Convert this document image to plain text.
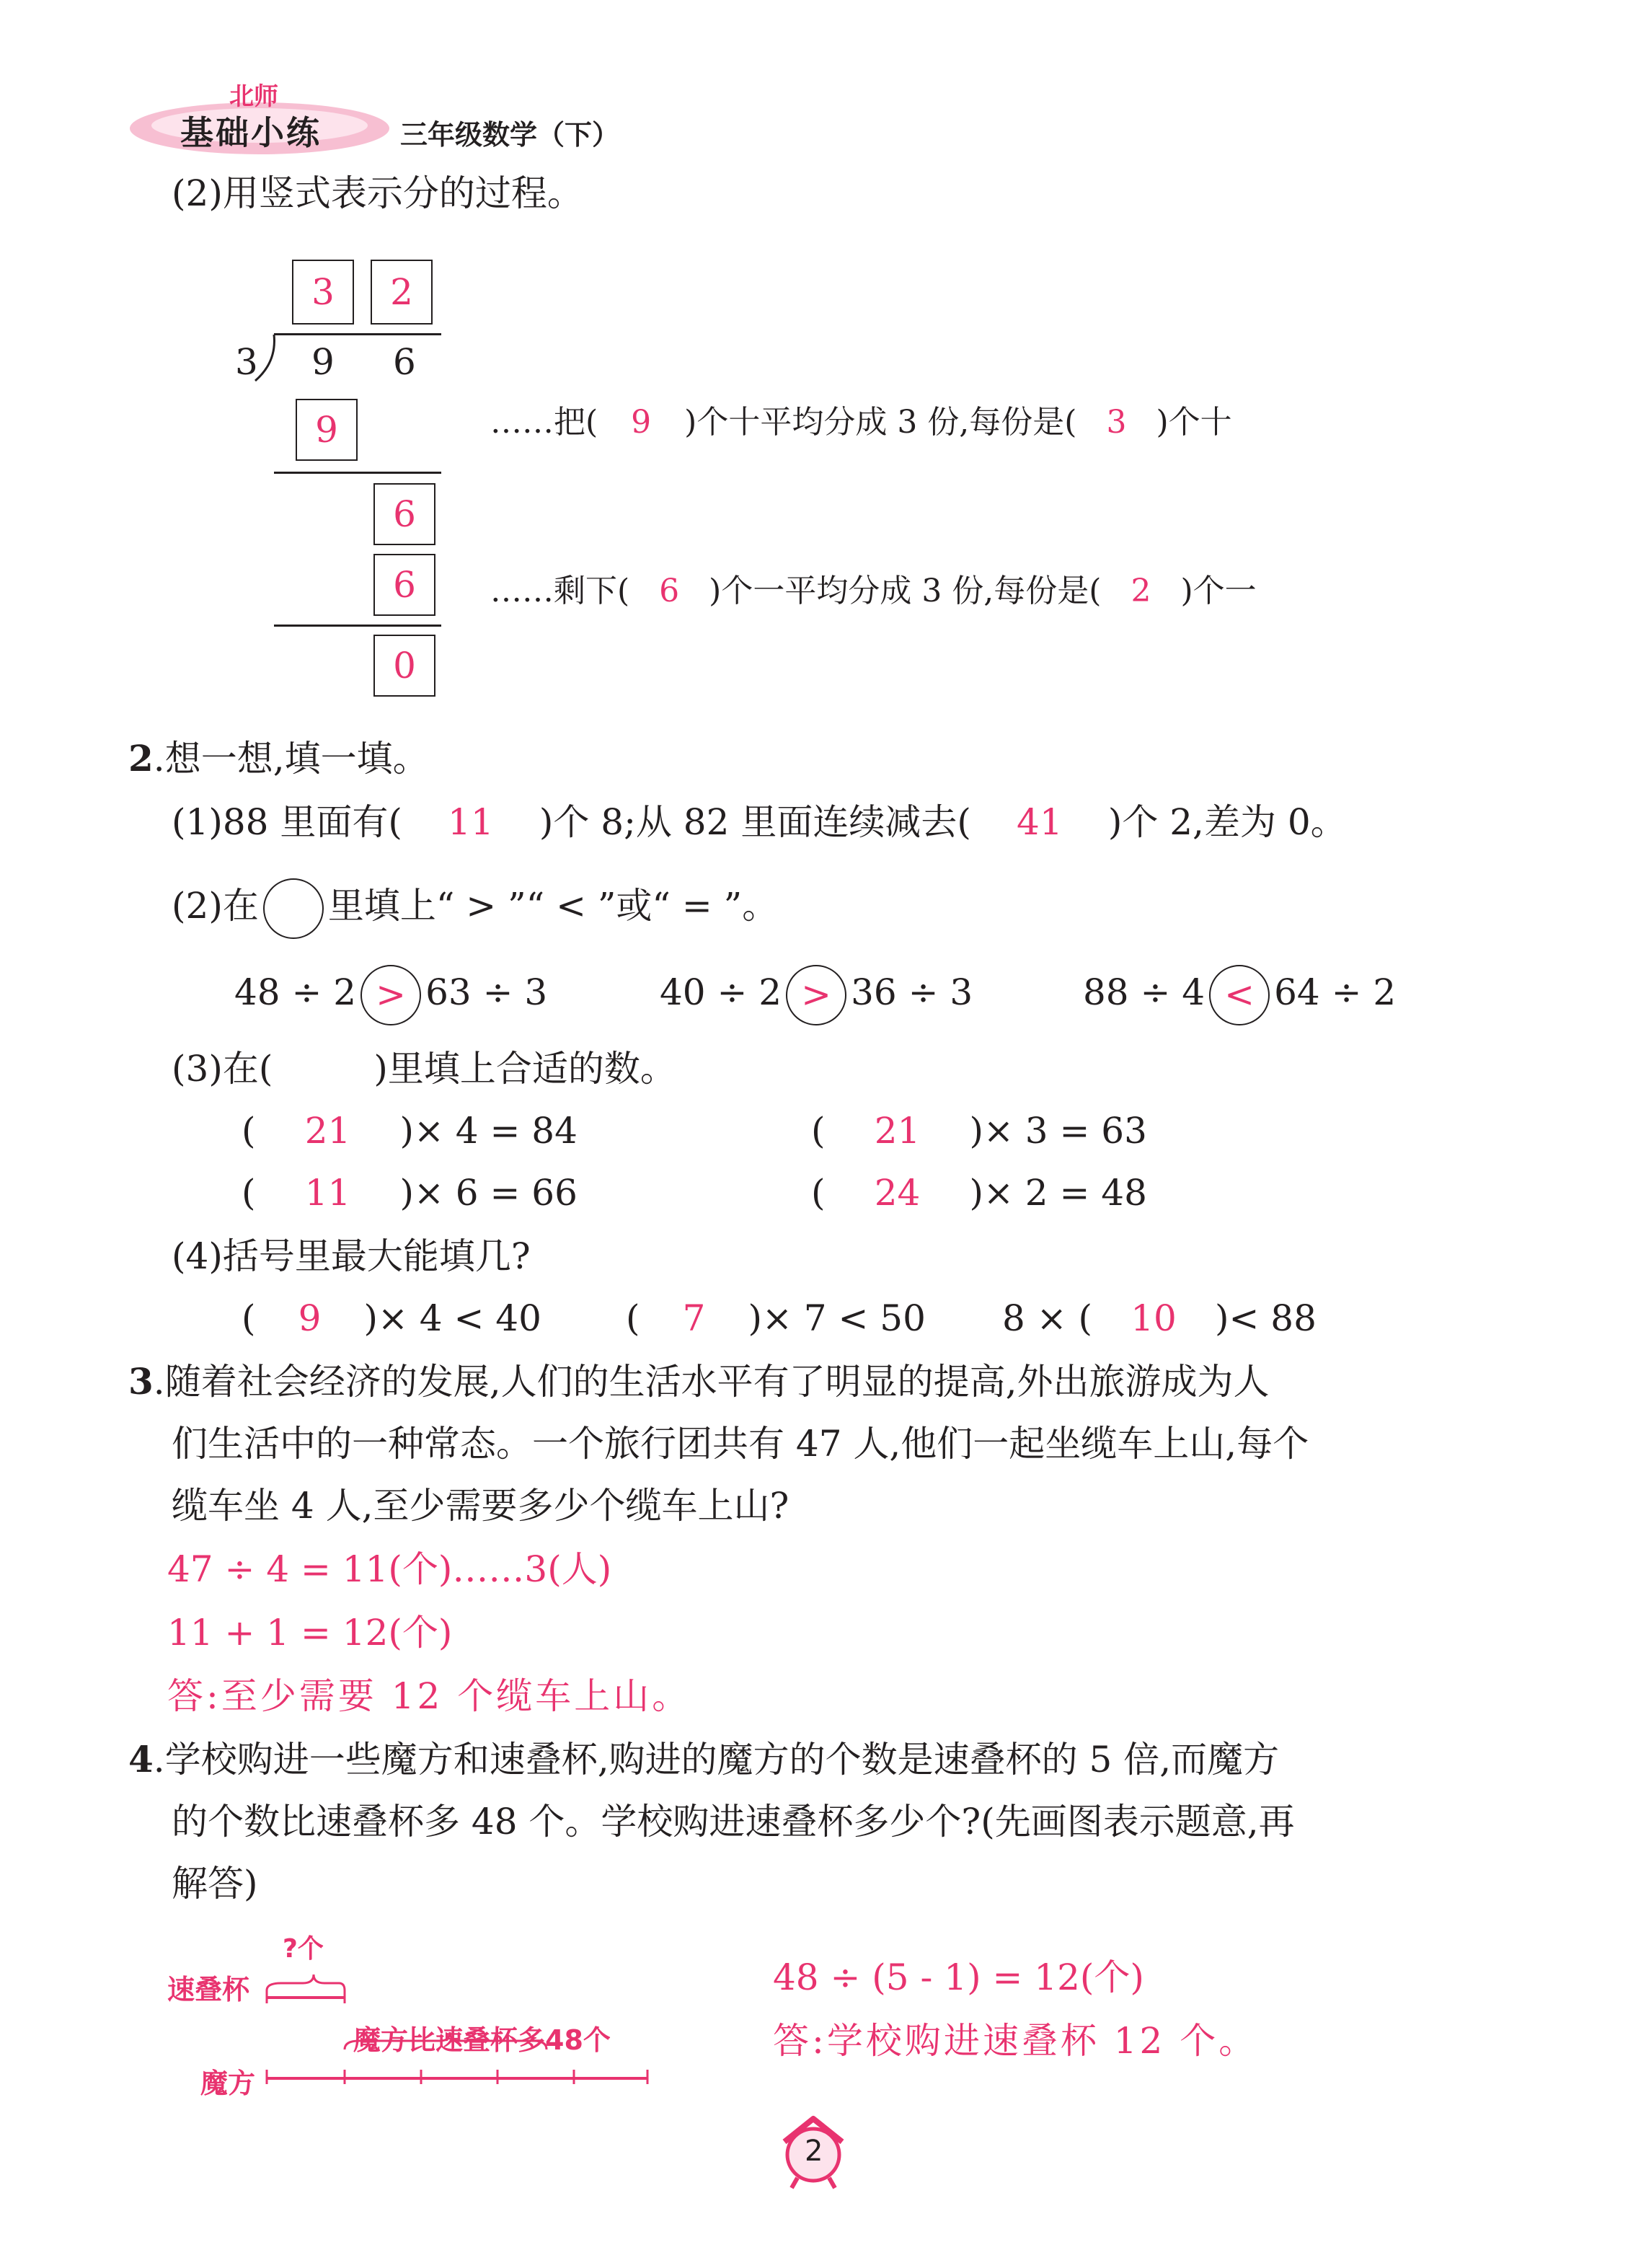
北师
基础小练	三年级数学（下）
(2)用竖式表示分的过程。
3	2
3 9 6
9
6
6
0
……把( 9 )个十平均分成 3 份,每份是( 3 )个十
……剩下( 6 )个一平均分成 3 份,每份是( 2 )个一
2.想一想,填一填。
(1)88 里面有( 11 )个 8;从 82 里面连续减去( 41 )个 2,差为 0。
(2)在 里填上“ > ”“ < ”或“ = ”。
48 ÷ 2 > 63 ÷ 3	40 ÷ 2 > 36 ÷ 3	88 ÷ 4 < 64 ÷ 2
(3)在(	)里填上合适的数。
( 21 )× 4 = 84	( 21 )× 3 = 63
( 11 )× 6 = 66	( 24 )× 2 = 48
(4)括号里最大能填几?
( 9 )× 4 < 40 ( 7 )× 7 < 50 8 × ( 10 )< 88
3.随着社会经济的发展,人们的生活水平有了明显的提高,外出旅游成为人
们生活中的一种常态。一个旅行团共有 47 人,他们一起坐缆车上山,每个
缆车坐 4 人,至少需要多少个缆车上山?
47 ÷ 4 = 11(个)……3(人)
11 + 1 = 12(个)
答:至少需要 12 个缆车上山。
4.学校购进一些魔方和速叠杯,购进的魔方的个数是速叠杯的 5 倍,而魔方
的个数比速叠杯多 48 个。学校购进速叠杯多少个?(先画图表示题意,再
解答)
?个
速叠杯
魔方比速叠杯多48个
魔方
48 ÷ (5 - 1) = 12(个)
答:学校购进速叠杯 12 个。
2
